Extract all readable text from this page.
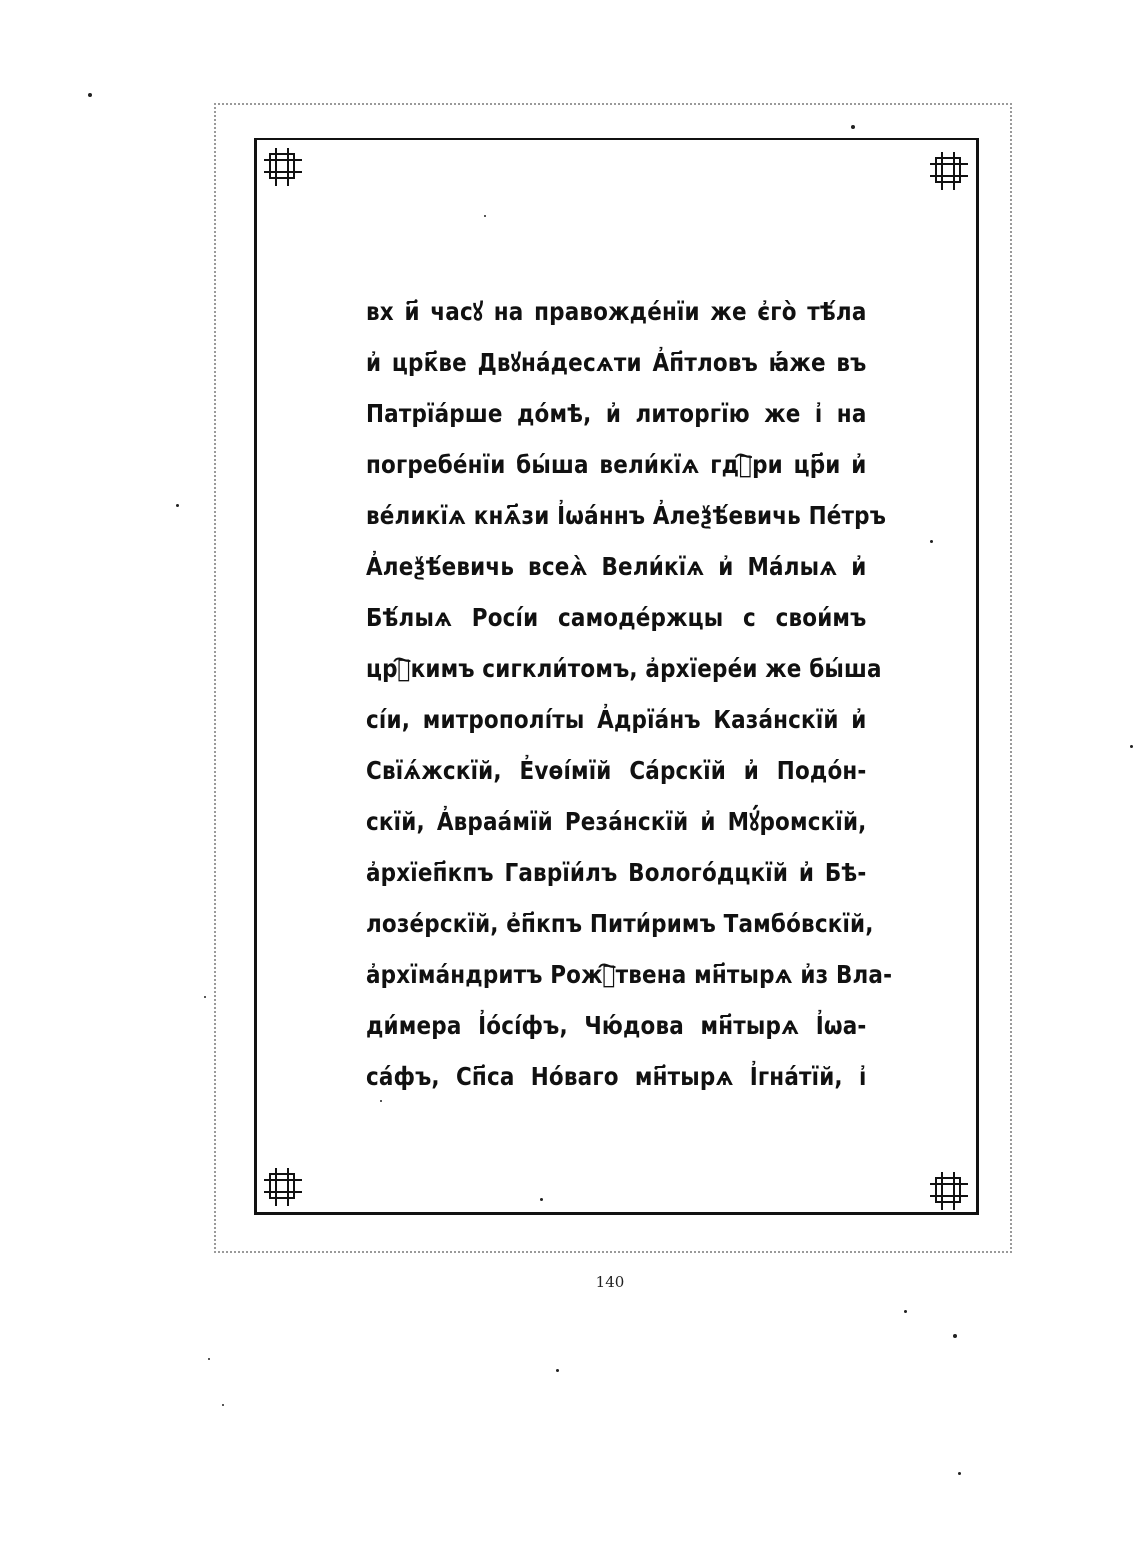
вх и҃ часꙋ на правожде́нїи же є҆го̀ тѣ́ла
и҆ црк҃ве Двꙋна́десѧти А҆п҃тловъ ꙗ҆́же въ
Патрїа́рше до́мѣ, и҆ литоргїю же і҆ на
погребе́нїи бы́ша вели́кїѧ гдⷭ҇ри цр҃и и҆
ве́ликїѧ кнѧ҃зи І҆ѡа́ннъ А҆леѯѣ́евичь Пе́тръ
А҆леѯѣ́евичь всеѧ̀ Вели́кїѧ и҆ Ма́лыѧ и҆
Бѣ́лыѧ Росі́и самоде́ржцы с свои́мъ
црⷭ҇кимъ сигкли́томъ, а҆рхїере́и же бы́ша
сі́и, митрополі́ты А҆дрїа́нъ Каза́нскїй и҆
Свїѧ́жскїй, Е҆vѳі́мїй Са́рскїй и҆ Подо́н-
скїй, А҆враа́мїй Реза́нскїй и҆ Мꙋ́ромскїй,
а҆рхїеп҃кпъ Гаврїи́лъ Волого́дцкїй и҆ Бѣ-
лозе́рскїй, е҆п҃кпъ Пити́римъ Тамбо́вскїй,
а҆рхїма́ндритъ Рожⷭ҇твена мн҃тырѧ и҆з Вла-
ди́мера І҆о́сі́фъ, Чю́дова мн҃тырѧ І҆ѡа-
са́фъ, Сп҃са Но́ваго мн҃тырѧ І҆гна́тїй, і҆
140
